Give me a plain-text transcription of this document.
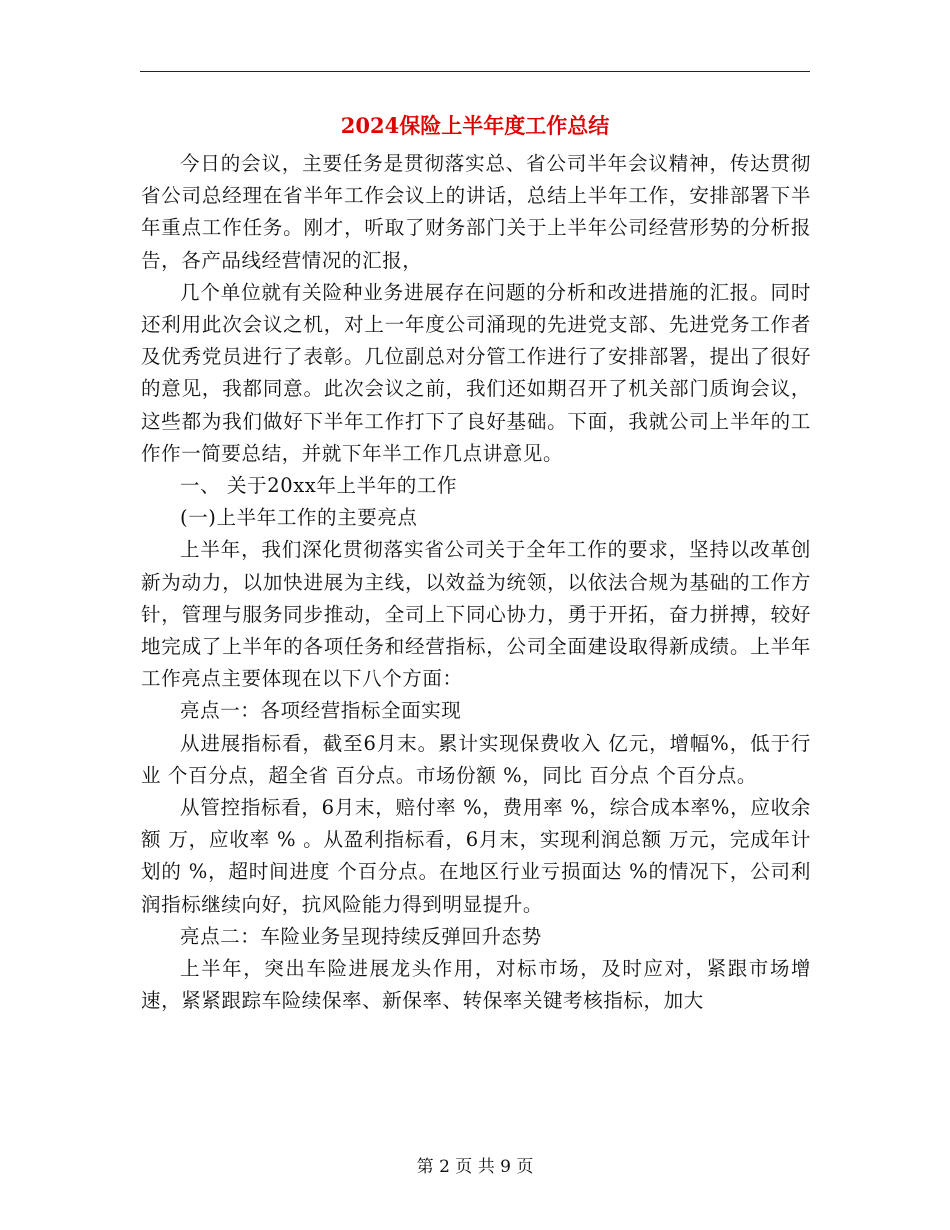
2024保险上半年度工作总结

今日的会议，主要任务是贯彻落实总、省公司半年会议精神，传达贯彻省公司总经理在省半年工作会议上的讲话，总结上半年工作，安排部署下半年重点工作任务。刚才，听取了财务部门关于上半年公司经营形势的分析报告，各产品线经营情况的汇报，

几个单位就有关险种业务进展存在问题的分析和改进措施的汇报。同时还利用此次会议之机，对上一年度公司涌现的先进党支部、先进党务工作者及优秀党员进行了表彰。几位副总对分管工作进行了安排部署，提出了很好的意见，我都同意。此次会议之前，我们还如期召开了机关部门质询会议，这些都为我们做好下半年工作打下了良好基础。下面，我就公司上半年的工作作一简要总结，并就下年半工作几点讲意见。

一、 关于20xx年上半年的工作

(一)上半年工作的主要亮点

上半年，我们深化贯彻落实省公司关于全年工作的要求，坚持以改革创新为动力，以加快进展为主线，以效益为统领，以依法合规为基础的工作方针，管理与服务同步推动，全司上下同心协力，勇于开拓，奋力拼搏，较好地完成了上半年的各项任务和经营指标，公司全面建设取得新成绩。上半年工作亮点主要体现在以下八个方面：

亮点一：各项经营指标全面实现

从进展指标看，截至6月末。累计实现保费收入 亿元，增幅%，低于行业 个百分点，超全省 百分点。市场份额 %，同比 百分点 个百分点。

从管控指标看，6月末，赔付率 %，费用率 %，综合成本率%，应收余额 万，应收率 % 。从盈利指标看，6月末，实现利润总额 万元，完成年计划的 %，超时间进度 个百分点。在地区行业亏损面达 %的情况下，公司利润指标继续向好，抗风险能力得到明显提升。

亮点二：车险业务呈现持续反弹回升态势

上半年，突出车险进展龙头作用，对标市场，及时应对，紧跟市场增速，紧紧跟踪车险续保率、新保率、转保率关键考核指标，加大

第 2 页 共 9 页
